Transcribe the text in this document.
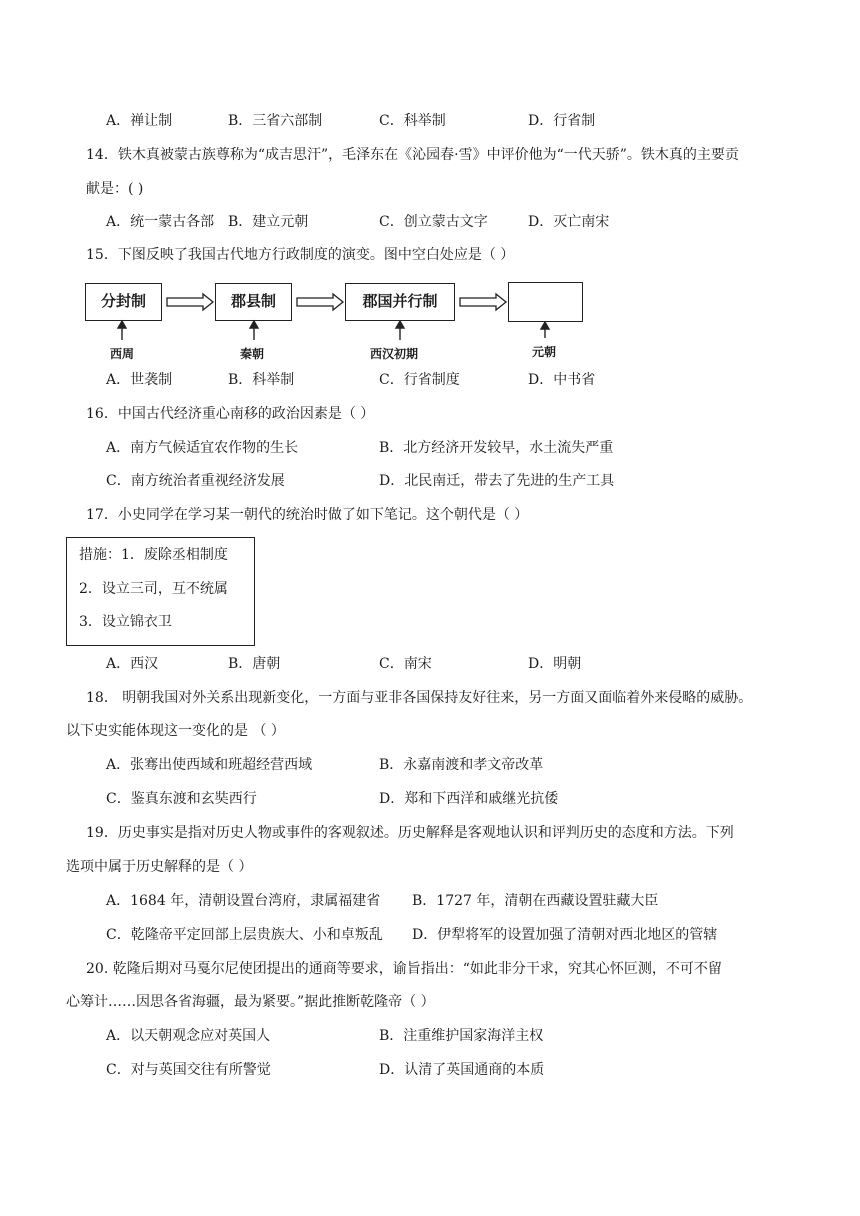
A．禅让制	B．三省六部制	C．科举制	D．行省制
14．铁木真被蒙古族尊称为“成吉思汗”，毛泽东在《沁园春·雪》中评价他为“一代天骄”。铁木真的主要贡
献是：( )
A．统一蒙古各部 B．建立元朝	C．创立蒙古文字	D．灭亡南宋
15．下图反映了我国古代地方行政制度的演变。图中空白处应是（ ）
分封制	郡县制	郡国并行制
西周	秦朝	西汉初期	元朝
A．世袭制	B．科举制	C．行省制度	D．中书省
16．中国古代经济重心南移的政治因素是（ ）
A．南方气候适宜农作物的生长	B．北方经济开发较早，水土流失严重
C．南方统治者重视经济发展	D．北民南迁，带去了先进的生产工具
17．小史同学在学习某一朝代的统治时做了如下笔记。这个朝代是（ ）
措施：1．废除丞相制度
2．设立三司，互不统属
3．设立锦衣卫
A．西汉	B．唐朝	C．南宋	D．明朝
18． 明朝我国对外关系出现新变化，一方面与亚非各国保持友好往来，另一方面又面临着外来侵略的威胁。
以下史实能体现这一变化的是 （ ）
A．张骞出使西域和班超经营西域	B．永嘉南渡和孝文帝改革
C．鉴真东渡和玄奘西行	D．郑和下西洋和戚继光抗倭
19．历史事实是指对历史人物或事件的客观叙述。历史解释是客观地认识和评判历史的态度和方法。下列
选项中属于历史解释的是（ ）
A．1684 年，清朝设置台湾府，隶属福建省 B．1727 年，清朝在西藏设置驻藏大臣
C．乾隆帝平定回部上层贵族大、小和卓叛乱 D．伊犁将军的设置加强了清朝对西北地区的管辖
20. 乾隆后期对马戛尔尼使团提出的通商等要求，谕旨指出：“如此非分干求，究其心怀叵测，不可不留
心筹计……因思各省海疆，最为紧要。”据此推断乾隆帝（ ）
A．以天朝观念应对英国人	B．注重维护国家海洋主权
C．对与英国交往有所警觉	D．认清了英国通商的本质
